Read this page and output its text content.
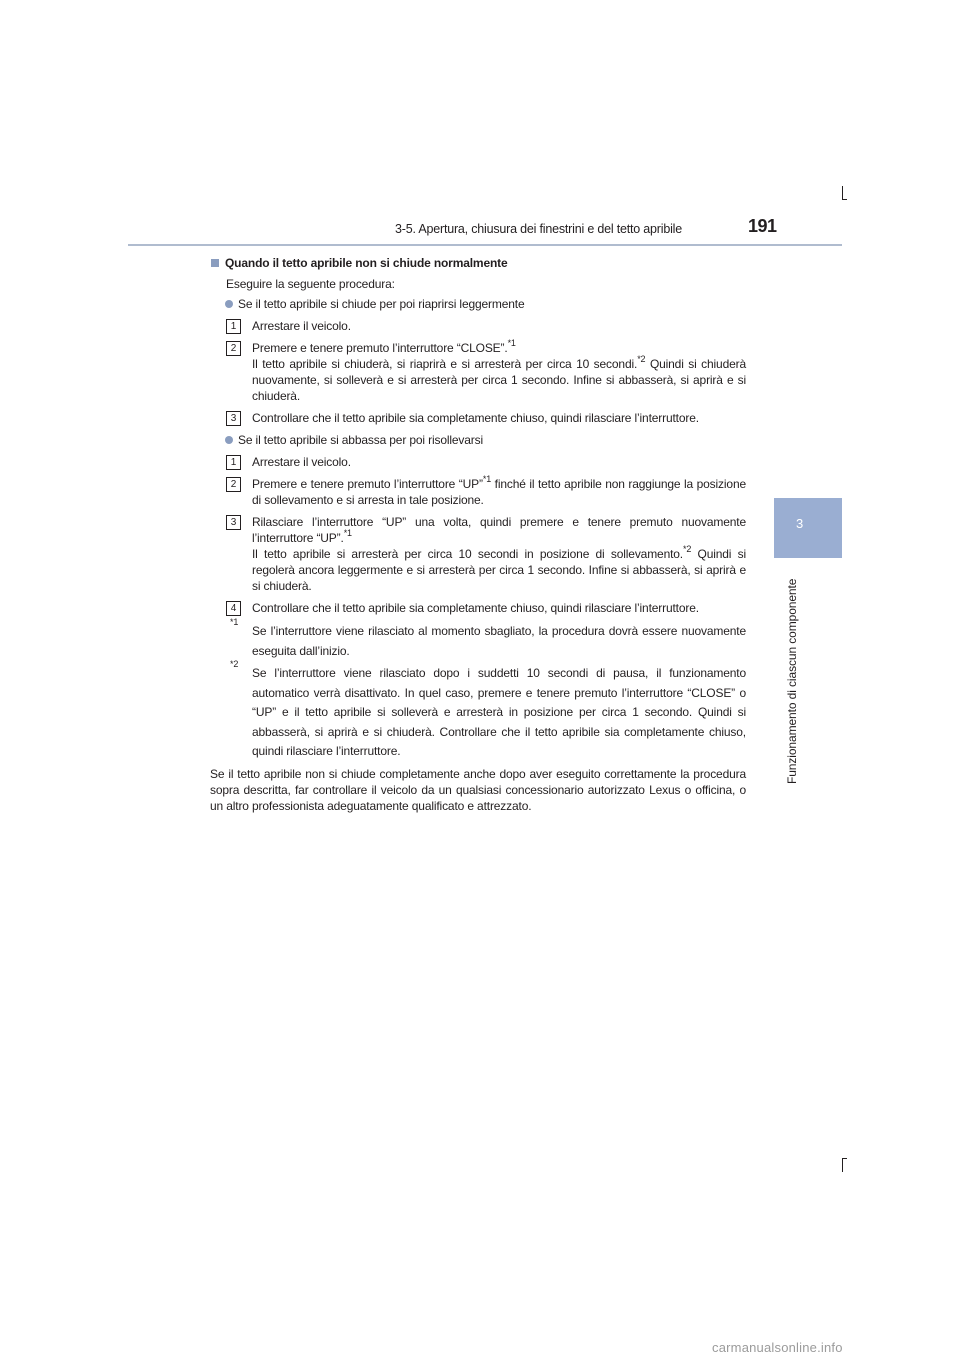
3-5. Apertura, chiusura dei finestrini e del tetto apribile	191
3
Funzionamento di ciascun componente
Quando il tetto apribile non si chiude normalmente
Eseguire la seguente procedura:
Se il tetto apribile si chiude per poi riaprirsi leggermente
1	Arrestare il veicolo.
2	Premere e tenere premuto l’interruttore “CLOSE”.$^{*1}$
Il tetto apribile si chiuderà, si riaprirà e si arresterà per circa 10 secondi.$^{*2}$ Quindi si chiuderà nuovamente, si solleverà e si arresterà per circa 1 secondo. Infine si abbasserà, si aprirà e si chiuderà.
3	Controllare che il tetto apribile sia completamente chiuso, quindi rilasciare l’interruttore.
Se il tetto apribile si abbassa per poi risollevarsi
1	Arrestare il veicolo.
2	Premere e tenere premuto l’interruttore “UP”$^{*1}$ finché il tetto apribile non raggiunge la posizione di sollevamento e si arresta in tale posizione.
3	Rilasciare l’interruttore “UP” una volta, quindi premere e tenere premuto nuovamente l’interruttore “UP”.$^{*1}$
Il tetto apribile si arresterà per circa 10 secondi in posizione di sollevamento.$^{*2}$ Quindi si regolerà ancora leggermente e si arresterà per circa 1 secondo. Infine si abbasserà, si aprirà e si chiuderà.
4	Controllare che il tetto apribile sia completamente chiuso, quindi rilasciare l’interruttore.
*1
Se l’interruttore viene rilasciato al momento sbagliato, la procedura dovrà essere nuovamente eseguita dall’inizio.
*2
Se l’interruttore viene rilasciato dopo i suddetti 10 secondi di pausa, il funzionamento automatico verrà disattivato. In quel caso, premere e tenere premuto l’interruttore “CLOSE” o “UP” e il tetto apribile si solleverà e arresterà in posizione per circa 1 secondo. Quindi si abbasserà, si aprirà e si chiuderà. Controllare che il tetto apribile sia completamente chiuso, quindi rilasciare l’interruttore.
Se il tetto apribile non si chiude completamente anche dopo aver eseguito correttamente la procedura sopra descritta, far controllare il veicolo da un qualsiasi concessionario autorizzato Lexus o officina, o un altro professionista adeguatamente qualificato e attrezzato.
carmanualsonline.info
